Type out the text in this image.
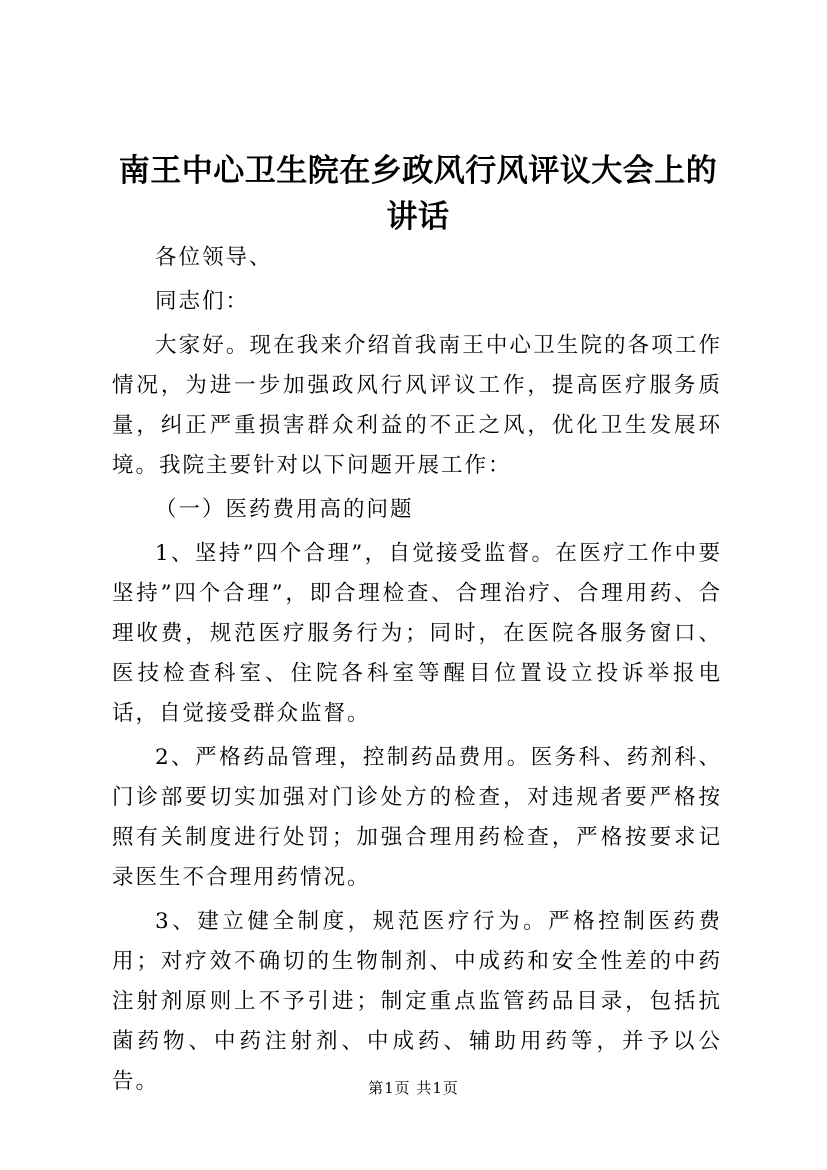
南王中心卫生院在乡政风行风评议大会上的讲话

各位领导、

同志们：

大家好。现在我来介绍首我南王中心卫生院的各项工作情况，为进一步加强政风行风评议工作，提高医疗服务质量，纠正严重损害群众利益的不正之风，优化卫生发展环境。我院主要针对以下问题开展工作：

（一）医药费用高的问题

1、坚持”四个合理”，自觉接受监督。在医疗工作中要坚持”四个合理”，即合理检查、合理治疗、合理用药、合理收费，规范医疗服务行为；同时，在医院各服务窗口、医技检查科室、住院各科室等醒目位置设立投诉举报电话，自觉接受群众监督。

2、严格药品管理，控制药品费用。医务科、药剂科、门诊部要切实加强对门诊处方的检查，对违规者要严格按照有关制度进行处罚；加强合理用药检查，严格按要求记录医生不合理用药情况。

3、建立健全制度，规范医疗行为。严格控制医药费用；对疗效不确切的生物制剂、中成药和安全性差的中药注射剂原则上不予引进；制定重点监管药品目录，包括抗菌药物、中药注射剂、中成药、辅助用药等，并予以公告。	第1页 共1页
